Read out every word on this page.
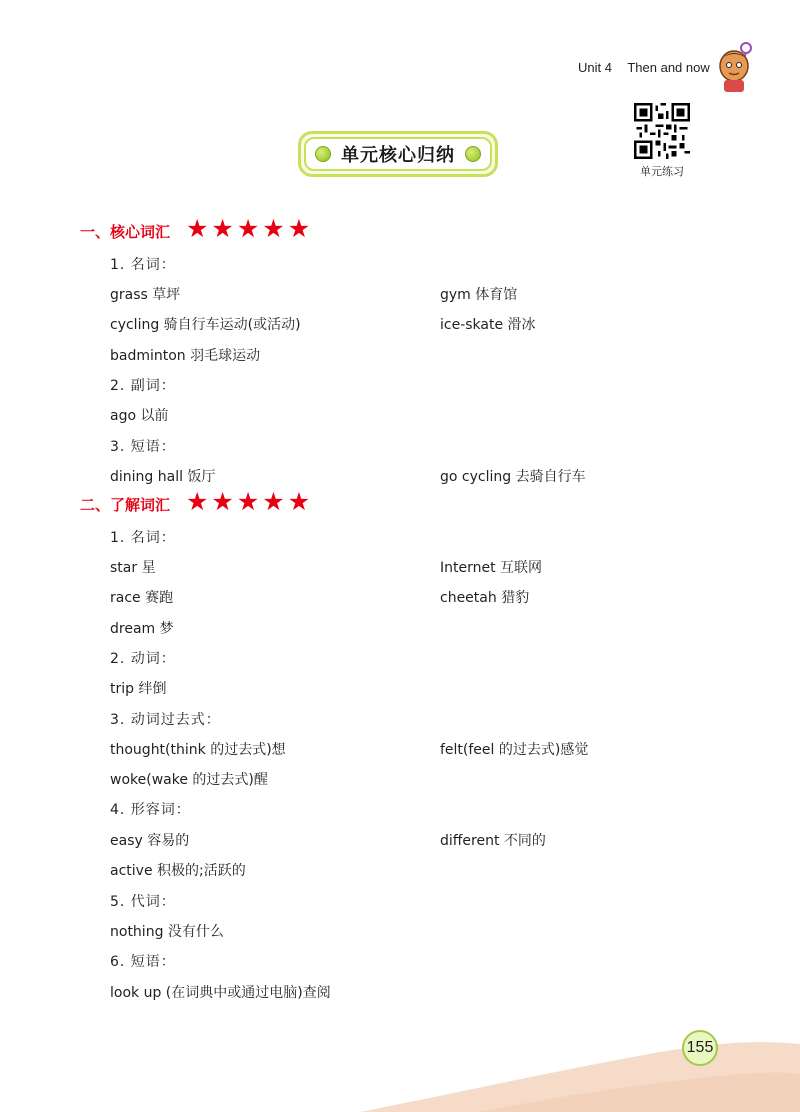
Unit 4 Then and now
单元练习
单元核心归纳
一、核心词汇 ★ ★ ★ ★ ★
1. 名词：
grass 草坪	gym 体育馆
cycling 骑自行车运动(或活动)	ice-skate 滑冰
badminton 羽毛球运动
2. 副词：
ago 以前
3. 短语：
dining hall 饭厅	go cycling 去骑自行车
二、了解词汇 ★ ★ ★ ★ ★
1. 名词：
star 星	Internet 互联网
race 赛跑	cheetah 猎豹
dream 梦
2. 动词：
trip 绊倒
3. 动词过去式：
thought(think 的过去式)想	felt(feel 的过去式)感觉
woke(wake 的过去式)醒
4. 形容词：
easy 容易的	different 不同的
active 积极的;活跃的
5. 代词：
nothing 没有什么
6. 短语：
look up (在词典中或通过电脑)查阅
155
